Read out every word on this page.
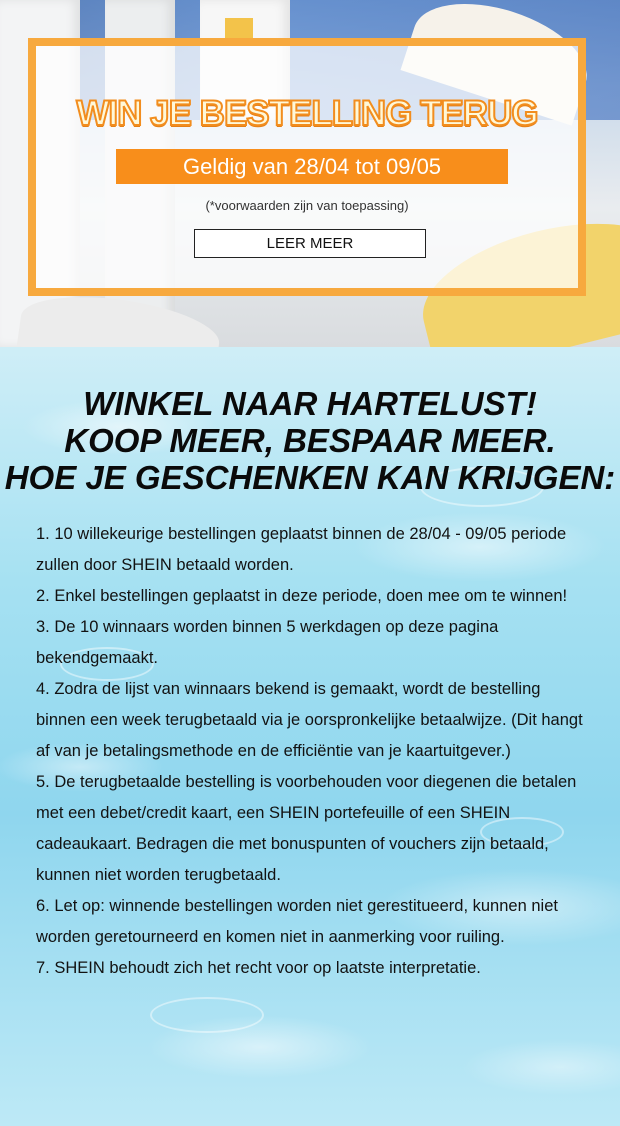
WIN JE BESTELLING TERUG
Geldig van 28/04 tot 09/05
(*voorwaarden zijn van toepassing)
LEER MEER
WINKEL NAAR HARTELUST!
KOOP MEER, BESPAAR MEER.
HOE JE GESCHENKEN KAN KRIJGEN:

1. 10 willekeurige bestellingen geplaatst binnen de 28/04 - 09/05 periode zullen door SHEIN betaald worden.

2. Enkel bestellingen geplaatst in deze periode, doen mee om te winnen!

3. De 10 winnaars worden binnen 5 werkdagen op deze pagina bekendgemaakt.

4. Zodra de lijst van winnaars bekend is gemaakt, wordt de bestelling binnen een week terugbetaald via je oorspronkelijke betaalwijze. (Dit hangt af van je betalingsmethode en de efficiëntie van je kaartuitgever.)

5. De terugbetaalde bestelling is voorbehouden voor diegenen die betalen met een debet/credit kaart, een SHEIN portefeuille of een SHEIN cadeaukaart. Bedragen die met bonuspunten of vouchers zijn betaald, kunnen niet worden terugbetaald.

6. Let op: winnende bestellingen worden niet gerestitueerd, kunnen niet worden geretourneerd en komen niet in aanmerking voor ruiling.

7. SHEIN behoudt zich het recht voor op laatste interpretatie.
